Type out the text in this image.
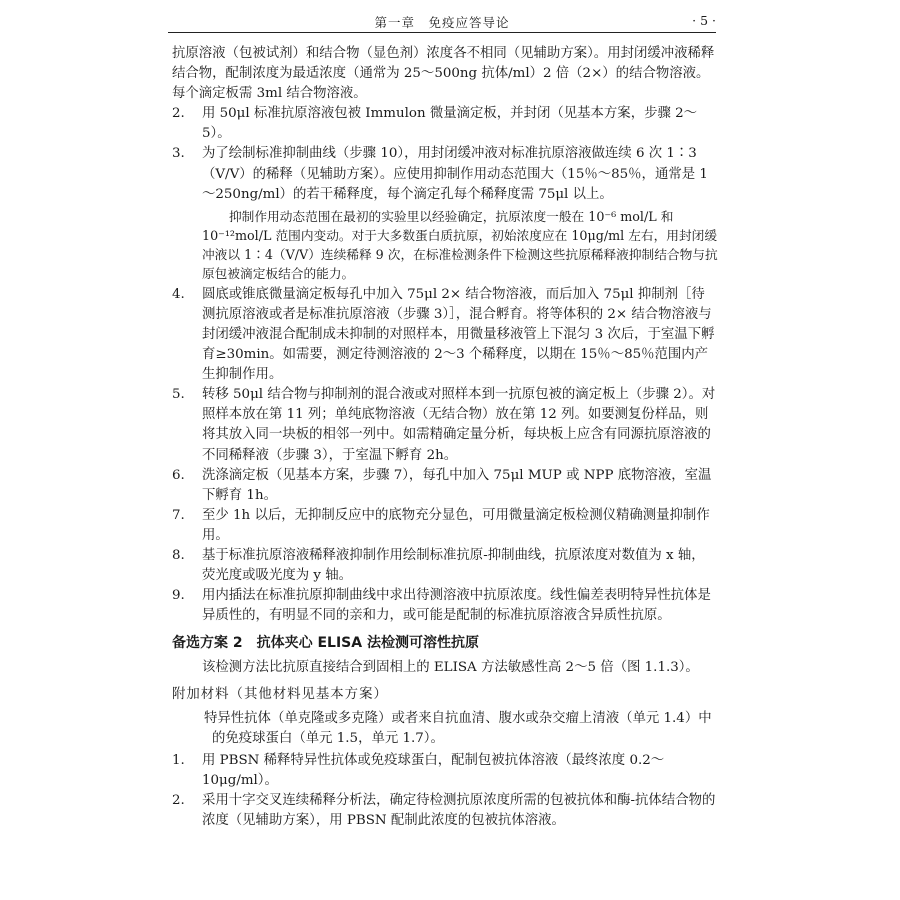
第一章　免疫应答导论	· 5 ·

抗原溶液（包被试剂）和结合物（显色剂）浓度各不相同（见辅助方案）。用封闭缓冲液稀释结合物，配制浓度为最适浓度（通常为 25～500ng 抗体/ml）2 倍（2×）的结合物溶液。每个滴定板需 3ml 结合物溶液。

2. 用 50μl 标准抗原溶液包被 Immulon 微量滴定板，并封闭（见基本方案，步骤 2～5）。
3. 为了绘制标准抑制曲线（步骤 10），用封闭缓冲液对标准抗原溶液做连续 6 次 1∶3（V/V）的稀释（见辅助方案）。应使用抑制作用动态范围大（15％～85％，通常是 1～250ng/ml）的若干稀释度，每个滴定孔每个稀释度需 75μl 以上。

抑制作用动态范围在最初的实验里以经验确定，抗原浓度一般在 10⁻⁶ mol/L 和 10⁻¹²mol/L 范围内变动。对于大多数蛋白质抗原，初始浓度应在 10μg/ml 左右，用封闭缓冲液以 1∶4（V/V）连续稀释 9 次，在标准检测条件下检测这些抗原稀释液抑制结合物与抗原包被滴定板结合的能力。

4. 圆底或锥底微量滴定板每孔中加入 75μl 2× 结合物溶液，而后加入 75μl 抑制剂［待测抗原溶液或者是标准抗原溶液（步骤 3）］，混合孵育。将等体积的 2× 结合物溶液与封闭缓冲液混合配制成未抑制的对照样本，用微量移液管上下混匀 3 次后，于室温下孵育≥30min。如需要，测定待测溶液的 2～3 个稀释度，以期在 15％～85％范围内产生抑制作用。
5. 转移 50μl 结合物与抑制剂的混合液或对照样本到一抗原包被的滴定板上（步骤 2）。对照样本放在第 11 列；单纯底物溶液（无结合物）放在第 12 列。如要测复份样品，则将其放入同一块板的相邻一列中。如需精确定量分析，每块板上应含有同源抗原溶液的不同稀释液（步骤 3），于室温下孵育 2h。
6. 洗涤滴定板（见基本方案，步骤 7），每孔中加入 75μl MUP 或 NPP 底物溶液，室温下孵育 1h。
7. 至少 1h 以后，无抑制反应中的底物充分显色，可用微量滴定板检测仪精确测量抑制作用。
8. 基于标准抗原溶液稀释液抑制作用绘制标准抗原-抑制曲线，抗原浓度对数值为 x 轴，荧光度或吸光度为 y 轴。
9. 用内插法在标准抗原抑制曲线中求出待测溶液中抗原浓度。线性偏差表明特异性抗体是异质性的，有明显不同的亲和力，或可能是配制的标准抗原溶液含异质性抗原。
备选方案 2　抗体夹心 ELISA 法检测可溶性抗原

该检测方法比抗原直接结合到固相上的 ELISA 方法敏感性高 2～5 倍（图 1.1.3）。

附加材料（其他材料见基本方案）

特异性抗体（单克隆或多克隆）或者来自抗血清、腹水或杂交瘤上清液（单元 1.4）中的免疫球蛋白（单元 1.5，单元 1.7）。

1. 用 PBSN 稀释特异性抗体或免疫球蛋白，配制包被抗体溶液（最终浓度 0.2～10μg/ml）。
2. 采用十字交叉连续稀释分析法，确定待检测抗原浓度所需的包被抗体和酶-抗体结合物的浓度（见辅助方案），用 PBSN 配制此浓度的包被抗体溶液。
